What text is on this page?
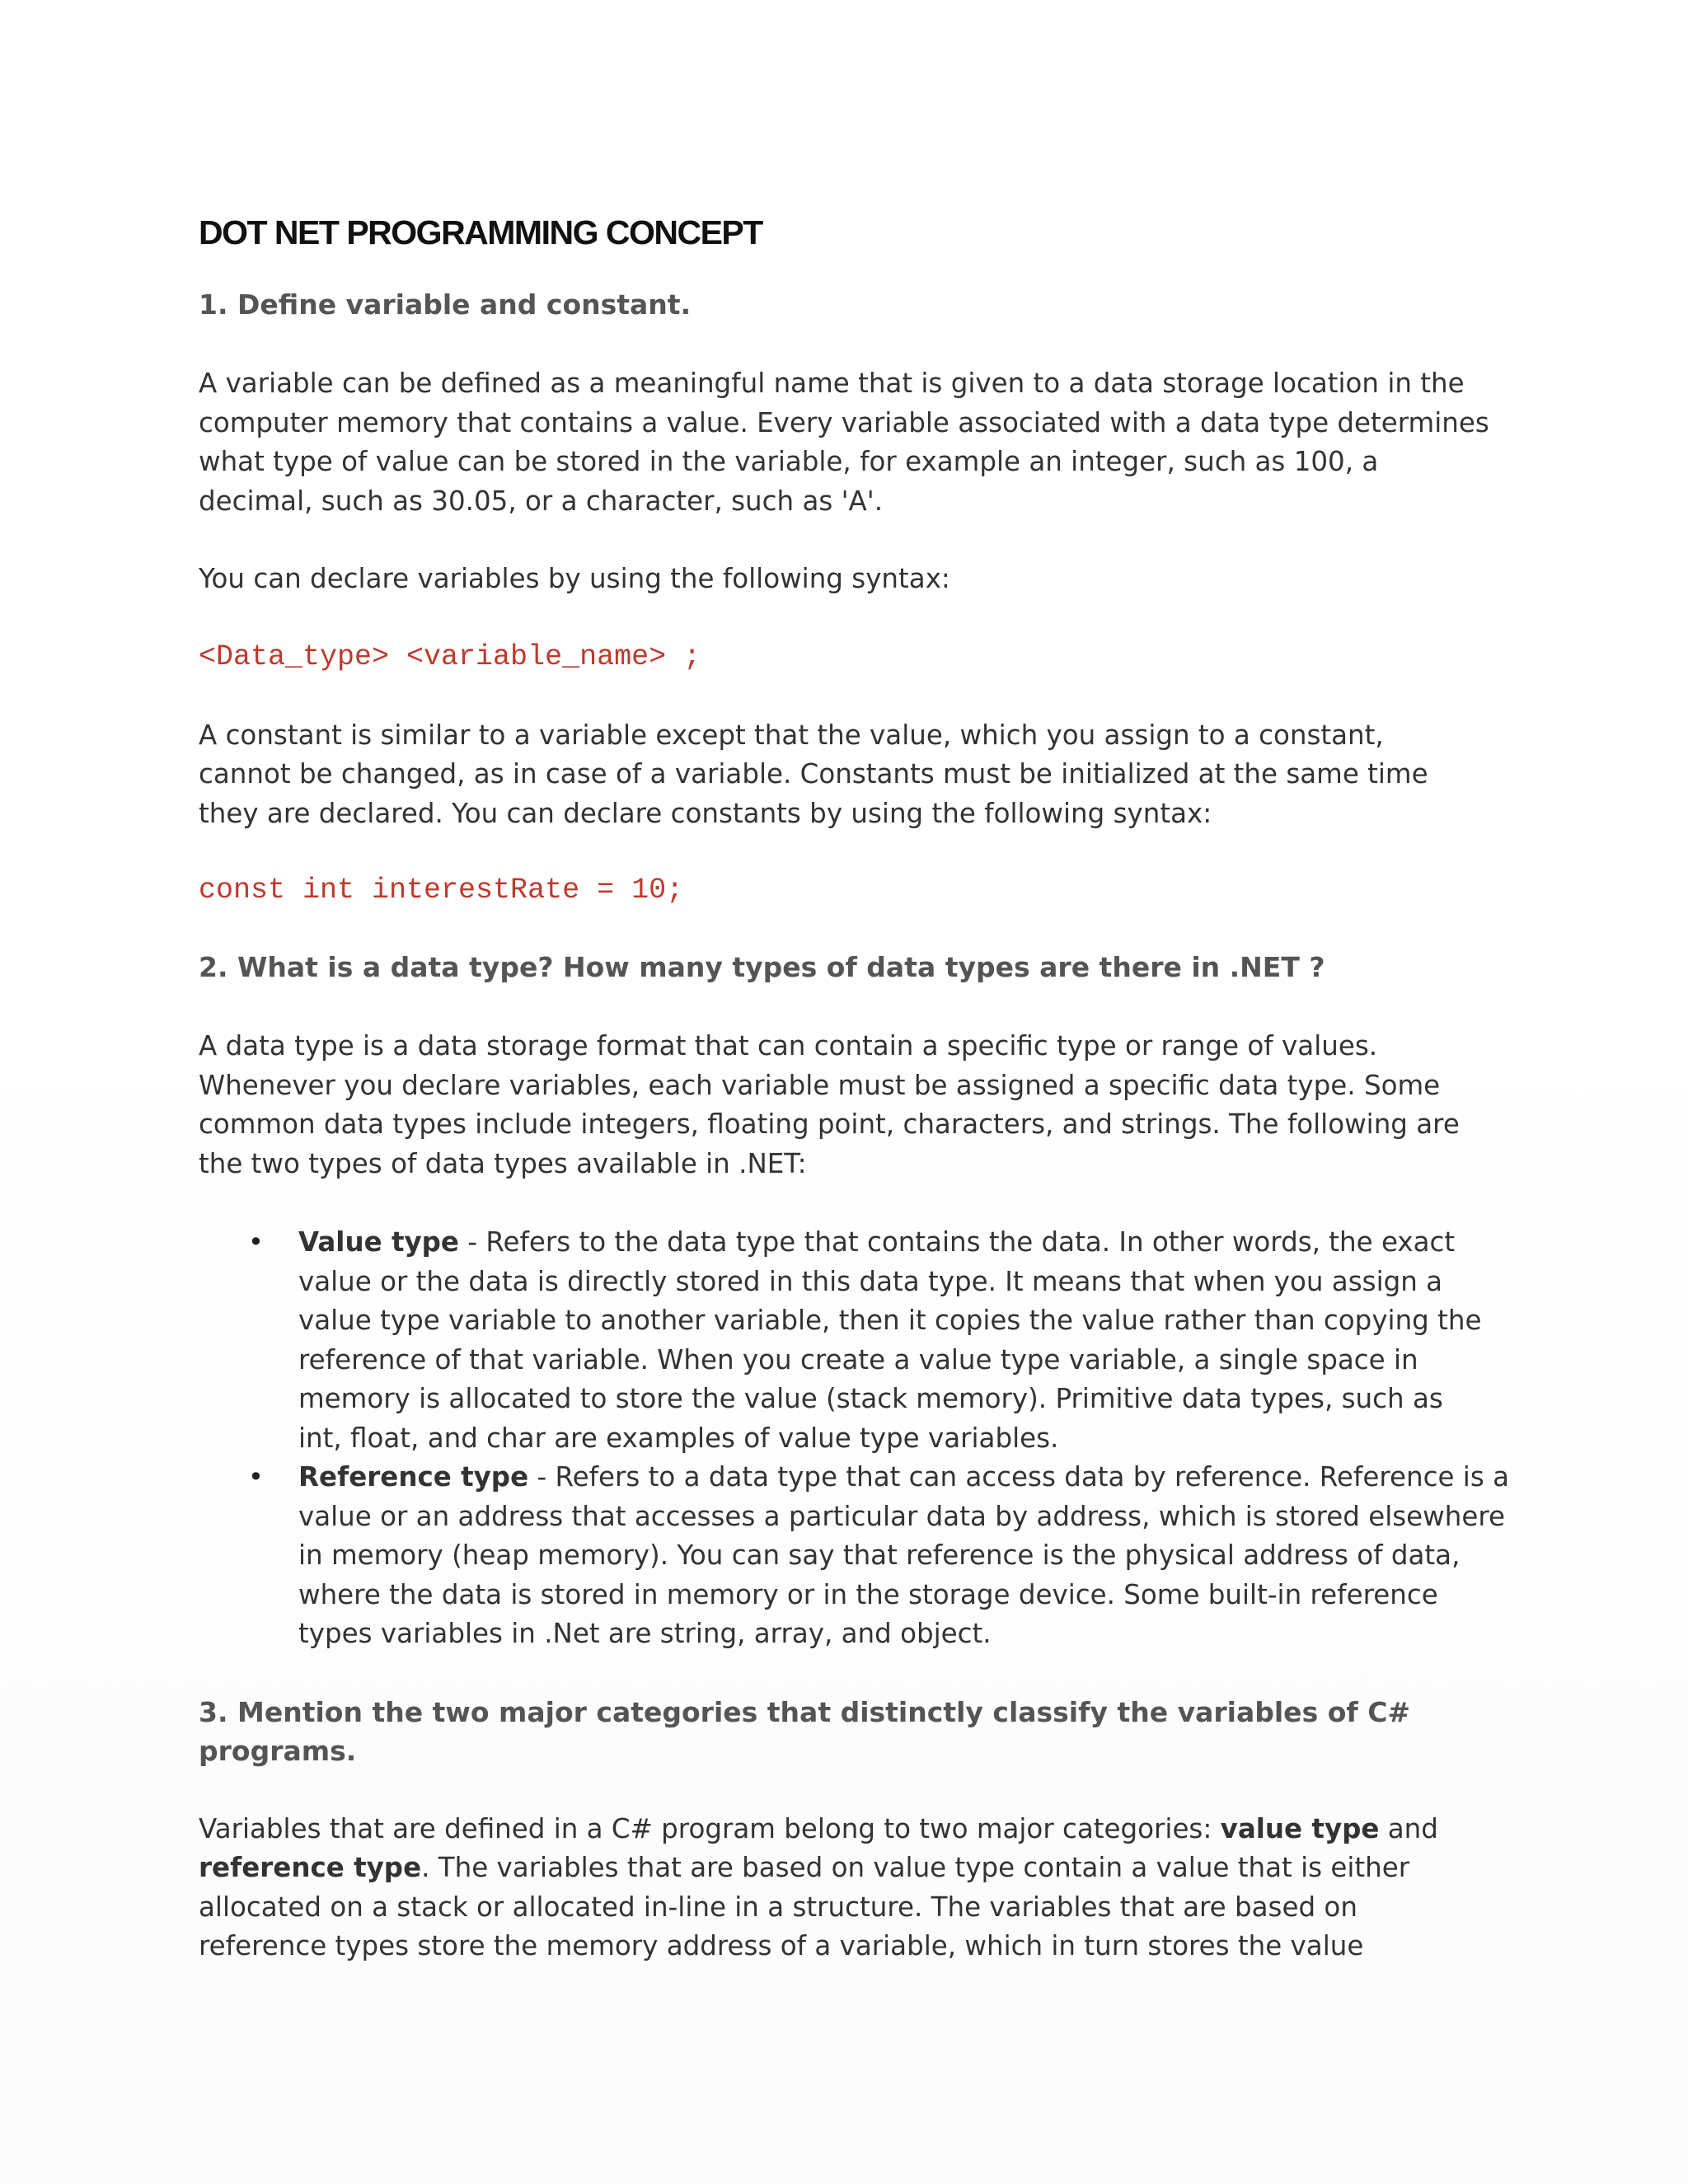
DOT NET PROGRAMMING CONCEPT

1. Define variable and constant.

A variable can be defined as a meaningful name that is given to a data storage location in the computer memory that contains a value. Every variable associated with a data type determines what type of value can be stored in the variable, for example an integer, such as 100, a decimal, such as 30.05, or a character, such as 'A'.

You can declare variables by using the following syntax:

<Data_type> <variable_name> ;

A constant is similar to a variable except that the value, which you assign to a constant, cannot be changed, as in case of a variable. Constants must be initialized at the same time they are declared. You can declare constants by using the following syntax:

const int interestRate = 10;

2. What is a data type? How many types of data types are there in .NET ?

A data type is a data storage format that can contain a specific type or range of values. Whenever you declare variables, each variable must be assigned a specific data type. Some common data types include integers, floating point, characters, and strings. The following are the two types of data types available in .NET:

• Value type - Refers to the data type that contains the data. In other words, the exact value or the data is directly stored in this data type. It means that when you assign a value type variable to another variable, then it copies the value rather than copying the reference of that variable. When you create a value type variable, a single space in memory is allocated to store the value (stack memory). Primitive data types, such as int, float, and char are examples of value type variables.
• Reference type - Refers to a data type that can access data by reference. Reference is a value or an address that accesses a particular data by address, which is stored elsewhere in memory (heap memory). You can say that reference is the physical address of data, where the data is stored in memory or in the storage device. Some built-in reference types variables in .Net are string, array, and object.

3. Mention the two major categories that distinctly classify the variables of C# programs.

Variables that are defined in a C# program belong to two major categories: value type and reference type. The variables that are based on value type contain a value that is either allocated on a stack or allocated in-line in a structure. The variables that are based on reference types store the memory address of a variable, which in turn stores the value
